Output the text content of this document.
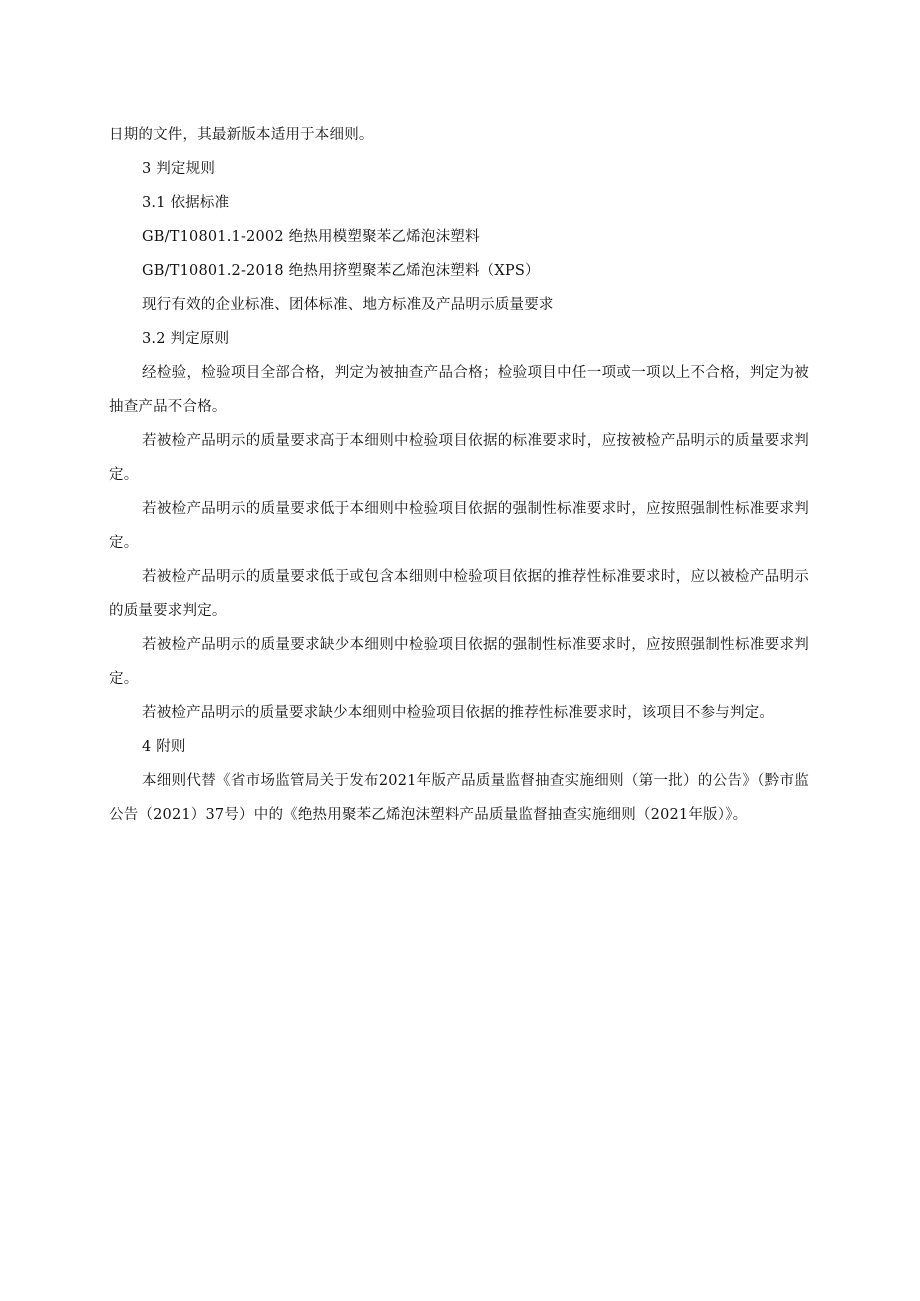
日期的文件，其最新版本适用于本细则。

3 判定规则

3.1 依据标准

GB/T10801.1-2002 绝热用模塑聚苯乙烯泡沫塑料

GB/T10801.2-2018 绝热用挤塑聚苯乙烯泡沫塑料（XPS）

现行有效的企业标准、团体标准、地方标准及产品明示质量要求

3.2 判定原则

经检验，检验项目全部合格，判定为被抽查产品合格；检验项目中任一项或一项以上不合格，判定为被抽查产品不合格。

若被检产品明示的质量要求高于本细则中检验项目依据的标准要求时，应按被检产品明示的质量要求判定。

若被检产品明示的质量要求低于本细则中检验项目依据的强制性标准要求时，应按照强制性标准要求判定。

若被检产品明示的质量要求低于或包含本细则中检验项目依据的推荐性标准要求时，应以被检产品明示的质量要求判定。

若被检产品明示的质量要求缺少本细则中检验项目依据的强制性标准要求时，应按照强制性标准要求判定。

若被检产品明示的质量要求缺少本细则中检验项目依据的推荐性标准要求时，该项目不参与判定。

4 附则

本细则代替《省市场监管局关于发布2021年版产品质量监督抽查实施细则（第一批）的公告》（黔市监公告（2021）37号）中的《绝热用聚苯乙烯泡沫塑料产品质量监督抽查实施细则（2021年版）》。
